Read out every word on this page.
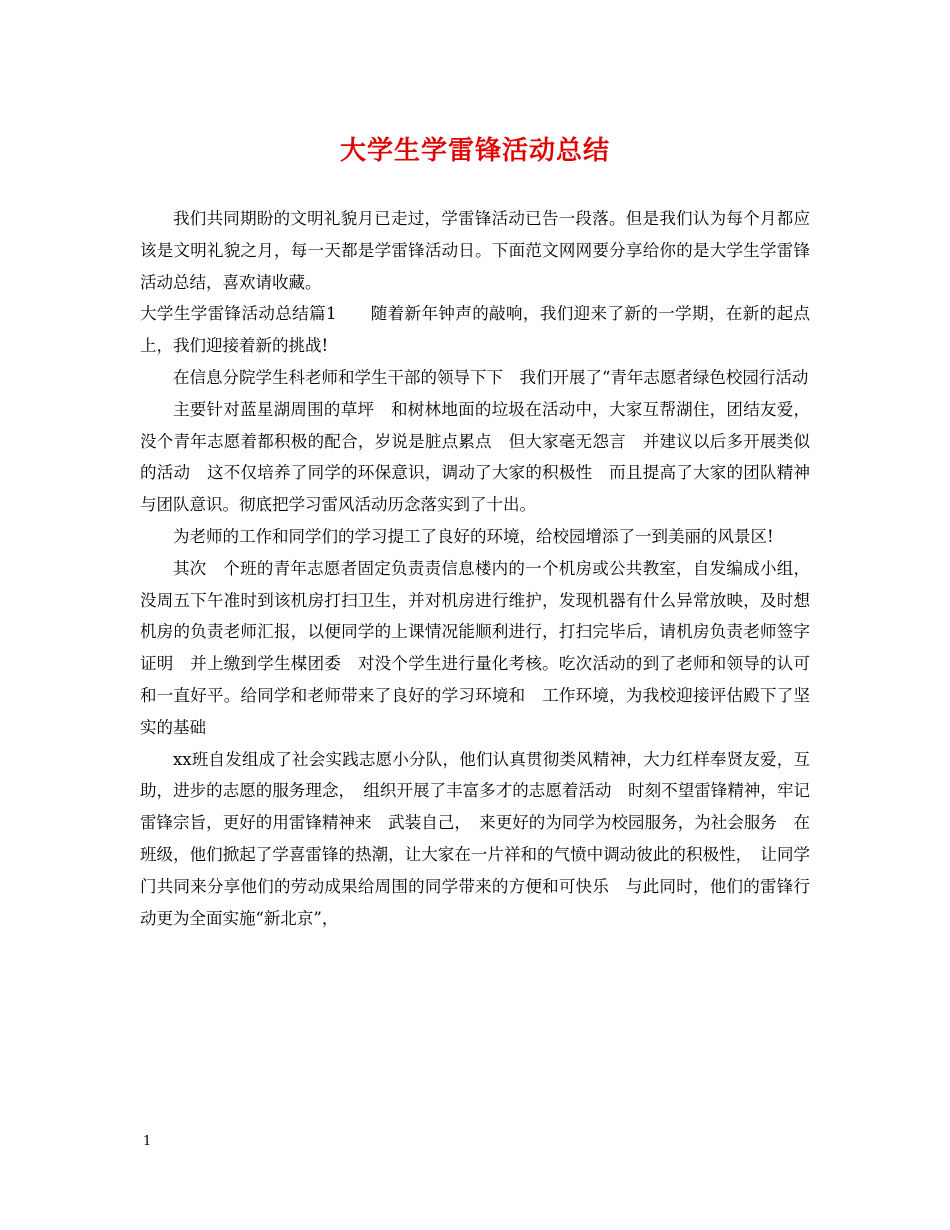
大学生学雷锋活动总结

我们共同期盼的文明礼貌月已走过，学雷锋活动已告一段落。但是我们认为每个月都应该是文明礼貌之月，每一天都是学雷锋活动日。下面范文网网要分享给你的是大学生学雷锋活动总结，喜欢请收藏。

大学生学雷锋活动总结篇1　　随着新年钟声的敲响，我们迎来了新的一学期，在新的起点上，我们迎接着新的挑战!

在信息分院学生科老师和学生干部的领导下下　我们开展了“青年志愿者绿色校园行活动

主要针对蓝星湖周围的草坪　和树林地面的垃圾在活动中，大家互帮湖住，团结友爱，没个青年志愿着都积极的配合，岁说是脏点累点　但大家毫无怨言　并建议以后多开展类似的活动　这不仅培养了同学的环保意识，调动了大家的积极性　而且提高了大家的团队精神与团队意识。彻底把学习雷风活动历念落实到了十出。

为老师的工作和同学们的学习提工了良好的环境，给校园增添了一到美丽的风景区!

其次　个班的青年志愿者固定负责责信息楼内的一个机房或公共教室，自发编成小组，没周五下午准时到该机房打扫卫生，并对机房进行维护，发现机器有什么异常放映，及时想机房的负责老师汇报，以便同学的上课情况能顺利进行，打扫完毕后，请机房负责老师签字证明　并上缴到学生楳团委　对没个学生进行量化考核。吃次活动的到了老师和领导的认可和一直好平。给同学和老师带来了良好的学习环境和　工作环境，为我校迎接评估殿下了坚实的基础

xx班自发组成了社会实践志愿小分队，他们认真贯彻类风精神，大力红样奉贤友爱，互助，进步的志愿的服务理念，　组织开展了丰富多才的志愿着活动　时刻不望雷锋精神，牢记雷锋宗旨，更好的用雷锋精神来　武装自己，　来更好的为同学为校园服务，为社会服务　在班级，他们掀起了学喜雷锋的热潮，让大家在一片祥和的气愤中调动彼此的积极性，　让同学门共同来分享他们的劳动成果给周围的同学带来的方便和可快乐　与此同时，他们的雷锋行动更为全面实施“新北京”，

1
